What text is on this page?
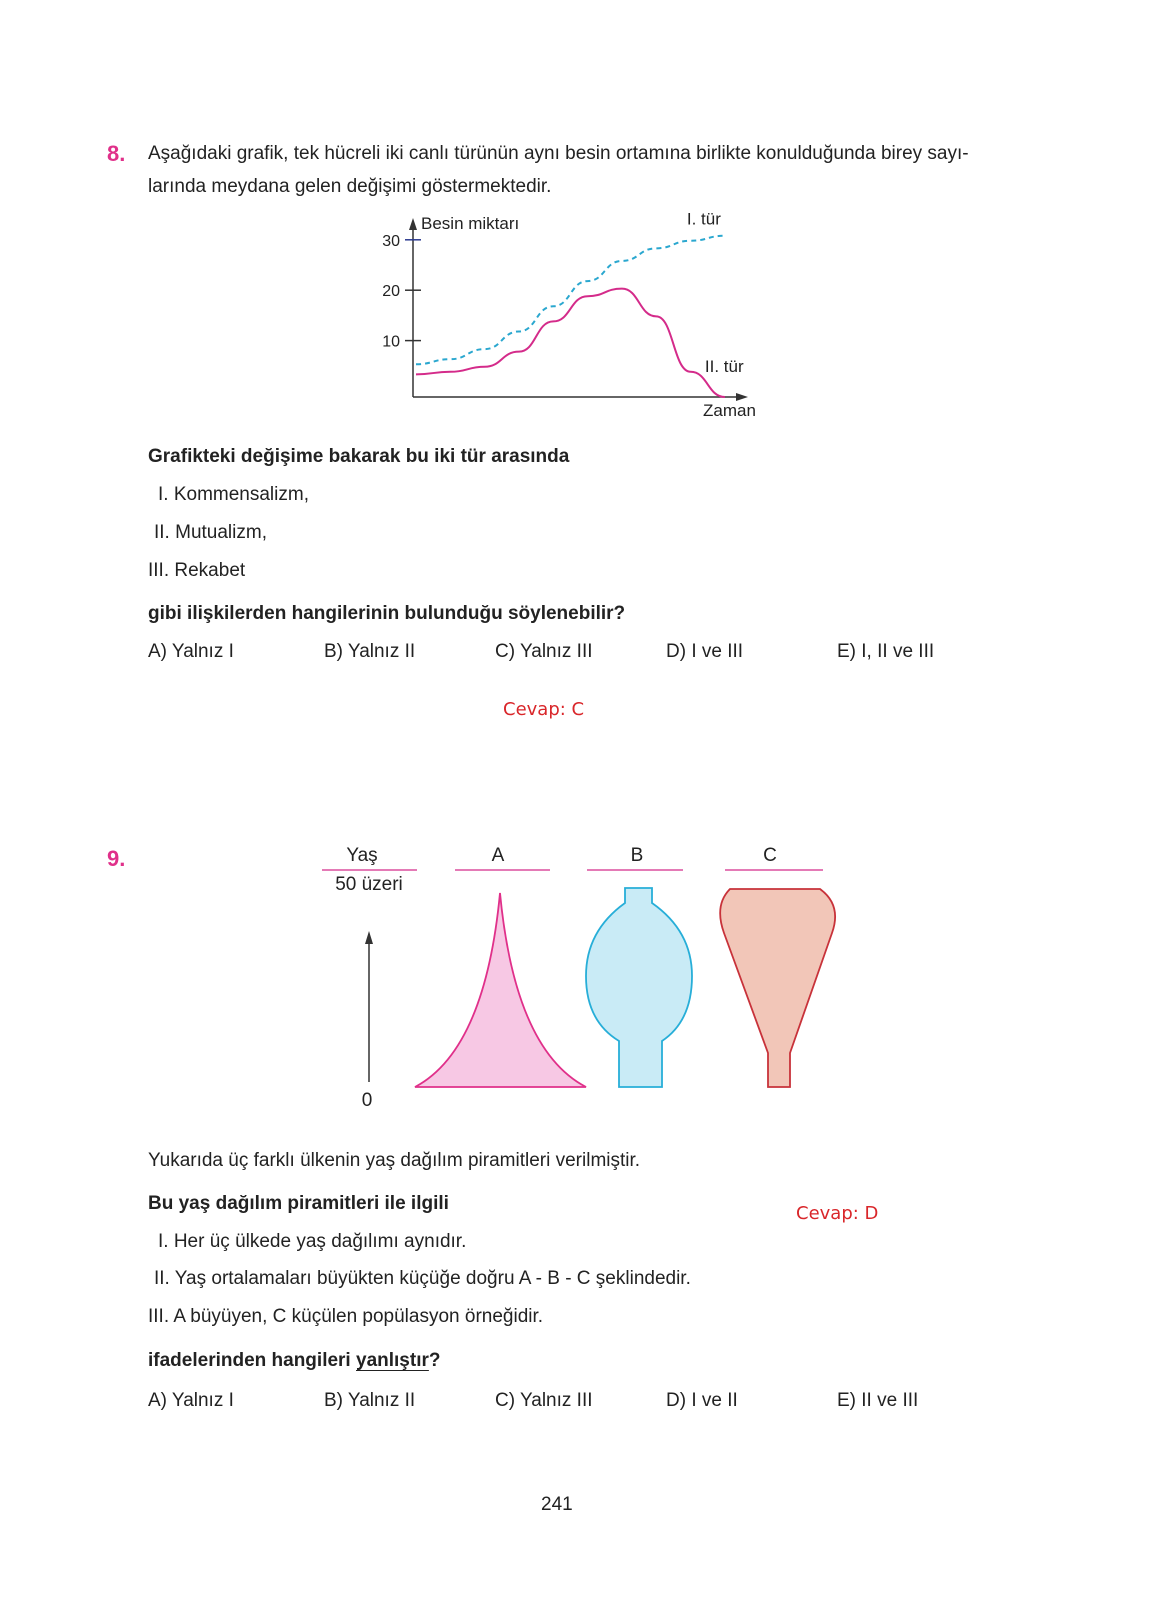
8. Aşağıdaki grafik, tek hücreli iki canlı türünün aynı besin ortamına birlikte konulduğunda birey sayı-
larında meydana gelen değişimi göstermektedir.
Besin miktarı
Zaman
10
20
30
I. tür
II. tür
Grafikteki değişime bakarak bu iki tür arasında
I. Kommensalizm,
II. Mutualizm,
III. Rekabet
gibi ilişkilerden hangilerinin bulunduğu söylenebilir?
A) Yalnız I	B) Yalnız II	C) Yalnız III	D) I ve III	E) I, II ve III
Cevap: C
9.	Yaş
50 üzeri
0
A	B	C
Yukarıda üç farklı ülkenin yaş dağılım piramitleri verilmiştir.
Bu yaş dağılım piramitleri ile ilgili	Cevap: D
I. Her üç ülkede yaş dağılımı aynıdır.
II. Yaş ortalamaları büyükten küçüğe doğru A - B - C şeklindedir.
III. A büyüyen, C küçülen popülasyon örneğidir.
ifadelerinden hangileri yanlıştır?
A) Yalnız I	B) Yalnız II	C) Yalnız III	D) I ve II	E) II ve III
241
